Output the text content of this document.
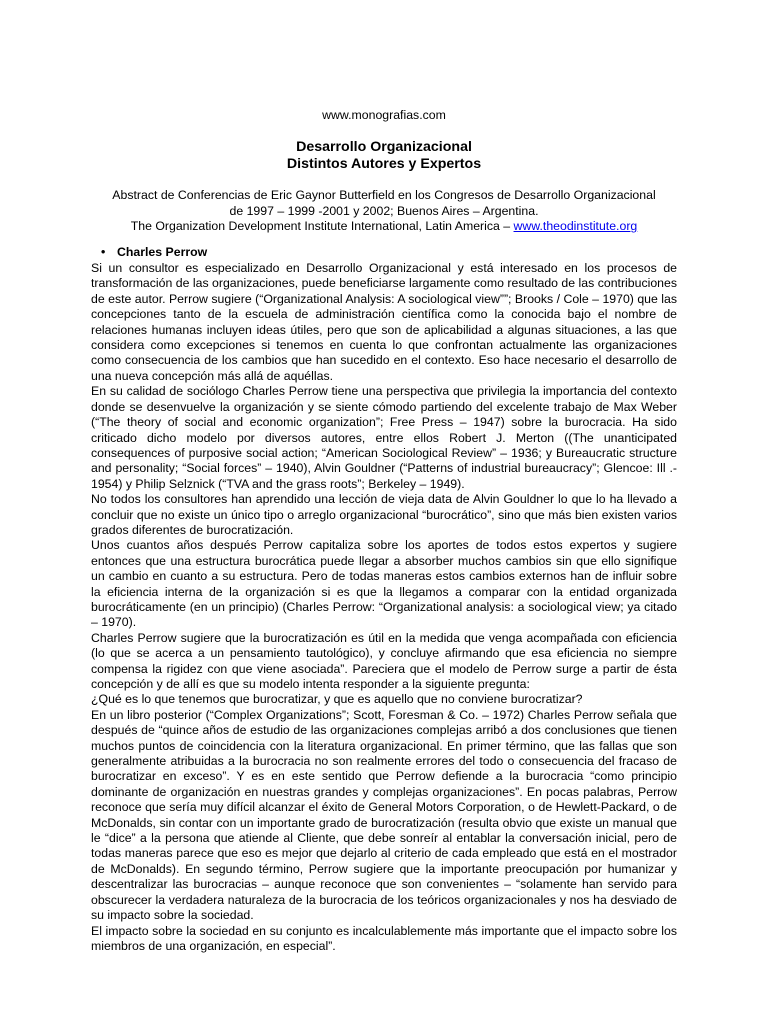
www.monografias.com
Desarrollo Organizacional
Distintos Autores y Expertos
Abstract de Conferencias de Eric Gaynor Butterfield en los Congresos de Desarrollo Organizacional
de 1997 – 1999 -2001 y 2002; Buenos Aires – Argentina.
The Organization Development Institute International, Latin America – www.theodinstitute.org
• Charles Perrow

Si un consultor es especializado en Desarrollo Organizacional y está interesado en los procesos de transformación de las organizaciones, puede beneficiarse largamente como resultado de las contribuciones de este autor. Perrow sugiere (“Organizational Analysis: A sociological view””; Brooks / Cole – 1970) que las concepciones tanto de la escuela de administración científica como la conocida bajo el nombre de relaciones humanas incluyen ideas útiles, pero que son de aplicabilidad a algunas situaciones, a las que considera como excepciones si tenemos en cuenta lo que confrontan actualmente las organizaciones como consecuencia de los cambios que han sucedido en el contexto. Eso hace necesario el desarrollo de una nueva concepción más allá de aquéllas.

En su calidad de sociólogo Charles Perrow tiene una perspectiva que privilegia la importancia del contexto donde se desenvuelve la organización y se siente cómodo partiendo del excelente trabajo de Max Weber (“The theory of social and economic organization”; Free Press – 1947) sobre la burocracia. Ha sido criticado dicho modelo por diversos autores, entre ellos Robert J. Merton ((The unanticipated consequences of purposive social action; “American Sociological Review” – 1936; y Bureaucratic structure and personality; “Social forces” – 1940), Alvin Gouldner (“Patterns of industrial bureaucracy”; Glencoe: Ill .- 1954) y Philip Selznick (“TVA and the grass roots”; Berkeley – 1949).

No todos los consultores han aprendido una lección de vieja data de Alvin Gouldner lo que lo ha llevado a concluir que no existe un único tipo o arreglo organizacional “burocrático”, sino que más bien existen varios grados diferentes de burocratización.

Unos cuantos años después Perrow capitaliza sobre los aportes de todos estos expertos y sugiere entonces que una estructura burocrática puede llegar a absorber muchos cambios sin que ello signifique un cambio en cuanto a su estructura. Pero de todas maneras estos cambios externos han de influir sobre la eficiencia interna de la organización si es que la llegamos a comparar con la entidad organizada burocráticamente (en un principio) (Charles Perrow: “Organizational analysis: a sociological view; ya citado – 1970).

Charles Perrow sugiere que la burocratización es útil en la medida que venga acompañada con eficiencia (lo que se acerca a un pensamiento tautológico), y concluye afirmando que esa eficiencia no siempre compensa la rigidez con que viene asociada”. Pareciera que el modelo de Perrow surge a partir de ésta concepción y de allí es que su modelo intenta responder a la siguiente pregunta:

¿Qué es lo que tenemos que burocratizar, y que es aquello que no conviene burocratizar?

En un libro posterior (“Complex Organizations”; Scott, Foresman & Co. – 1972) Charles Perrow señala que después de “quince años de estudio de las organizaciones complejas arribó a dos conclusiones que tienen muchos puntos de coincidencia con la literatura organizacional. En primer término, que las fallas que son generalmente atribuidas a la burocracia no son realmente errores del todo o consecuencia del fracaso de burocratizar en exceso”. Y es en este sentido que Perrow defiende a la burocracia “como principio dominante de organización en nuestras grandes y complejas organizaciones”. En pocas palabras, Perrow reconoce que sería muy difícil alcanzar el éxito de General Motors Corporation, o de Hewlett-Packard, o de McDonalds, sin contar con un importante grado de burocratización (resulta obvio que existe un manual que le “dice” a la persona que atiende al Cliente, que debe sonreír al entablar la conversación inicial, pero de todas maneras parece que eso es mejor que dejarlo al criterio de cada empleado que está en el mostrador de McDonalds). En segundo término, Perrow sugiere que la importante preocupación por humanizar y descentralizar las burocracias – aunque reconoce que son convenientes – “solamente han servido para obscurecer la verdadera naturaleza de la burocracia de los teóricos organizacionales y nos ha desviado de su impacto sobre la sociedad.

El impacto sobre la sociedad en su conjunto es incalculablemente más importante que el impacto sobre los miembros de una organización, en especial”.
